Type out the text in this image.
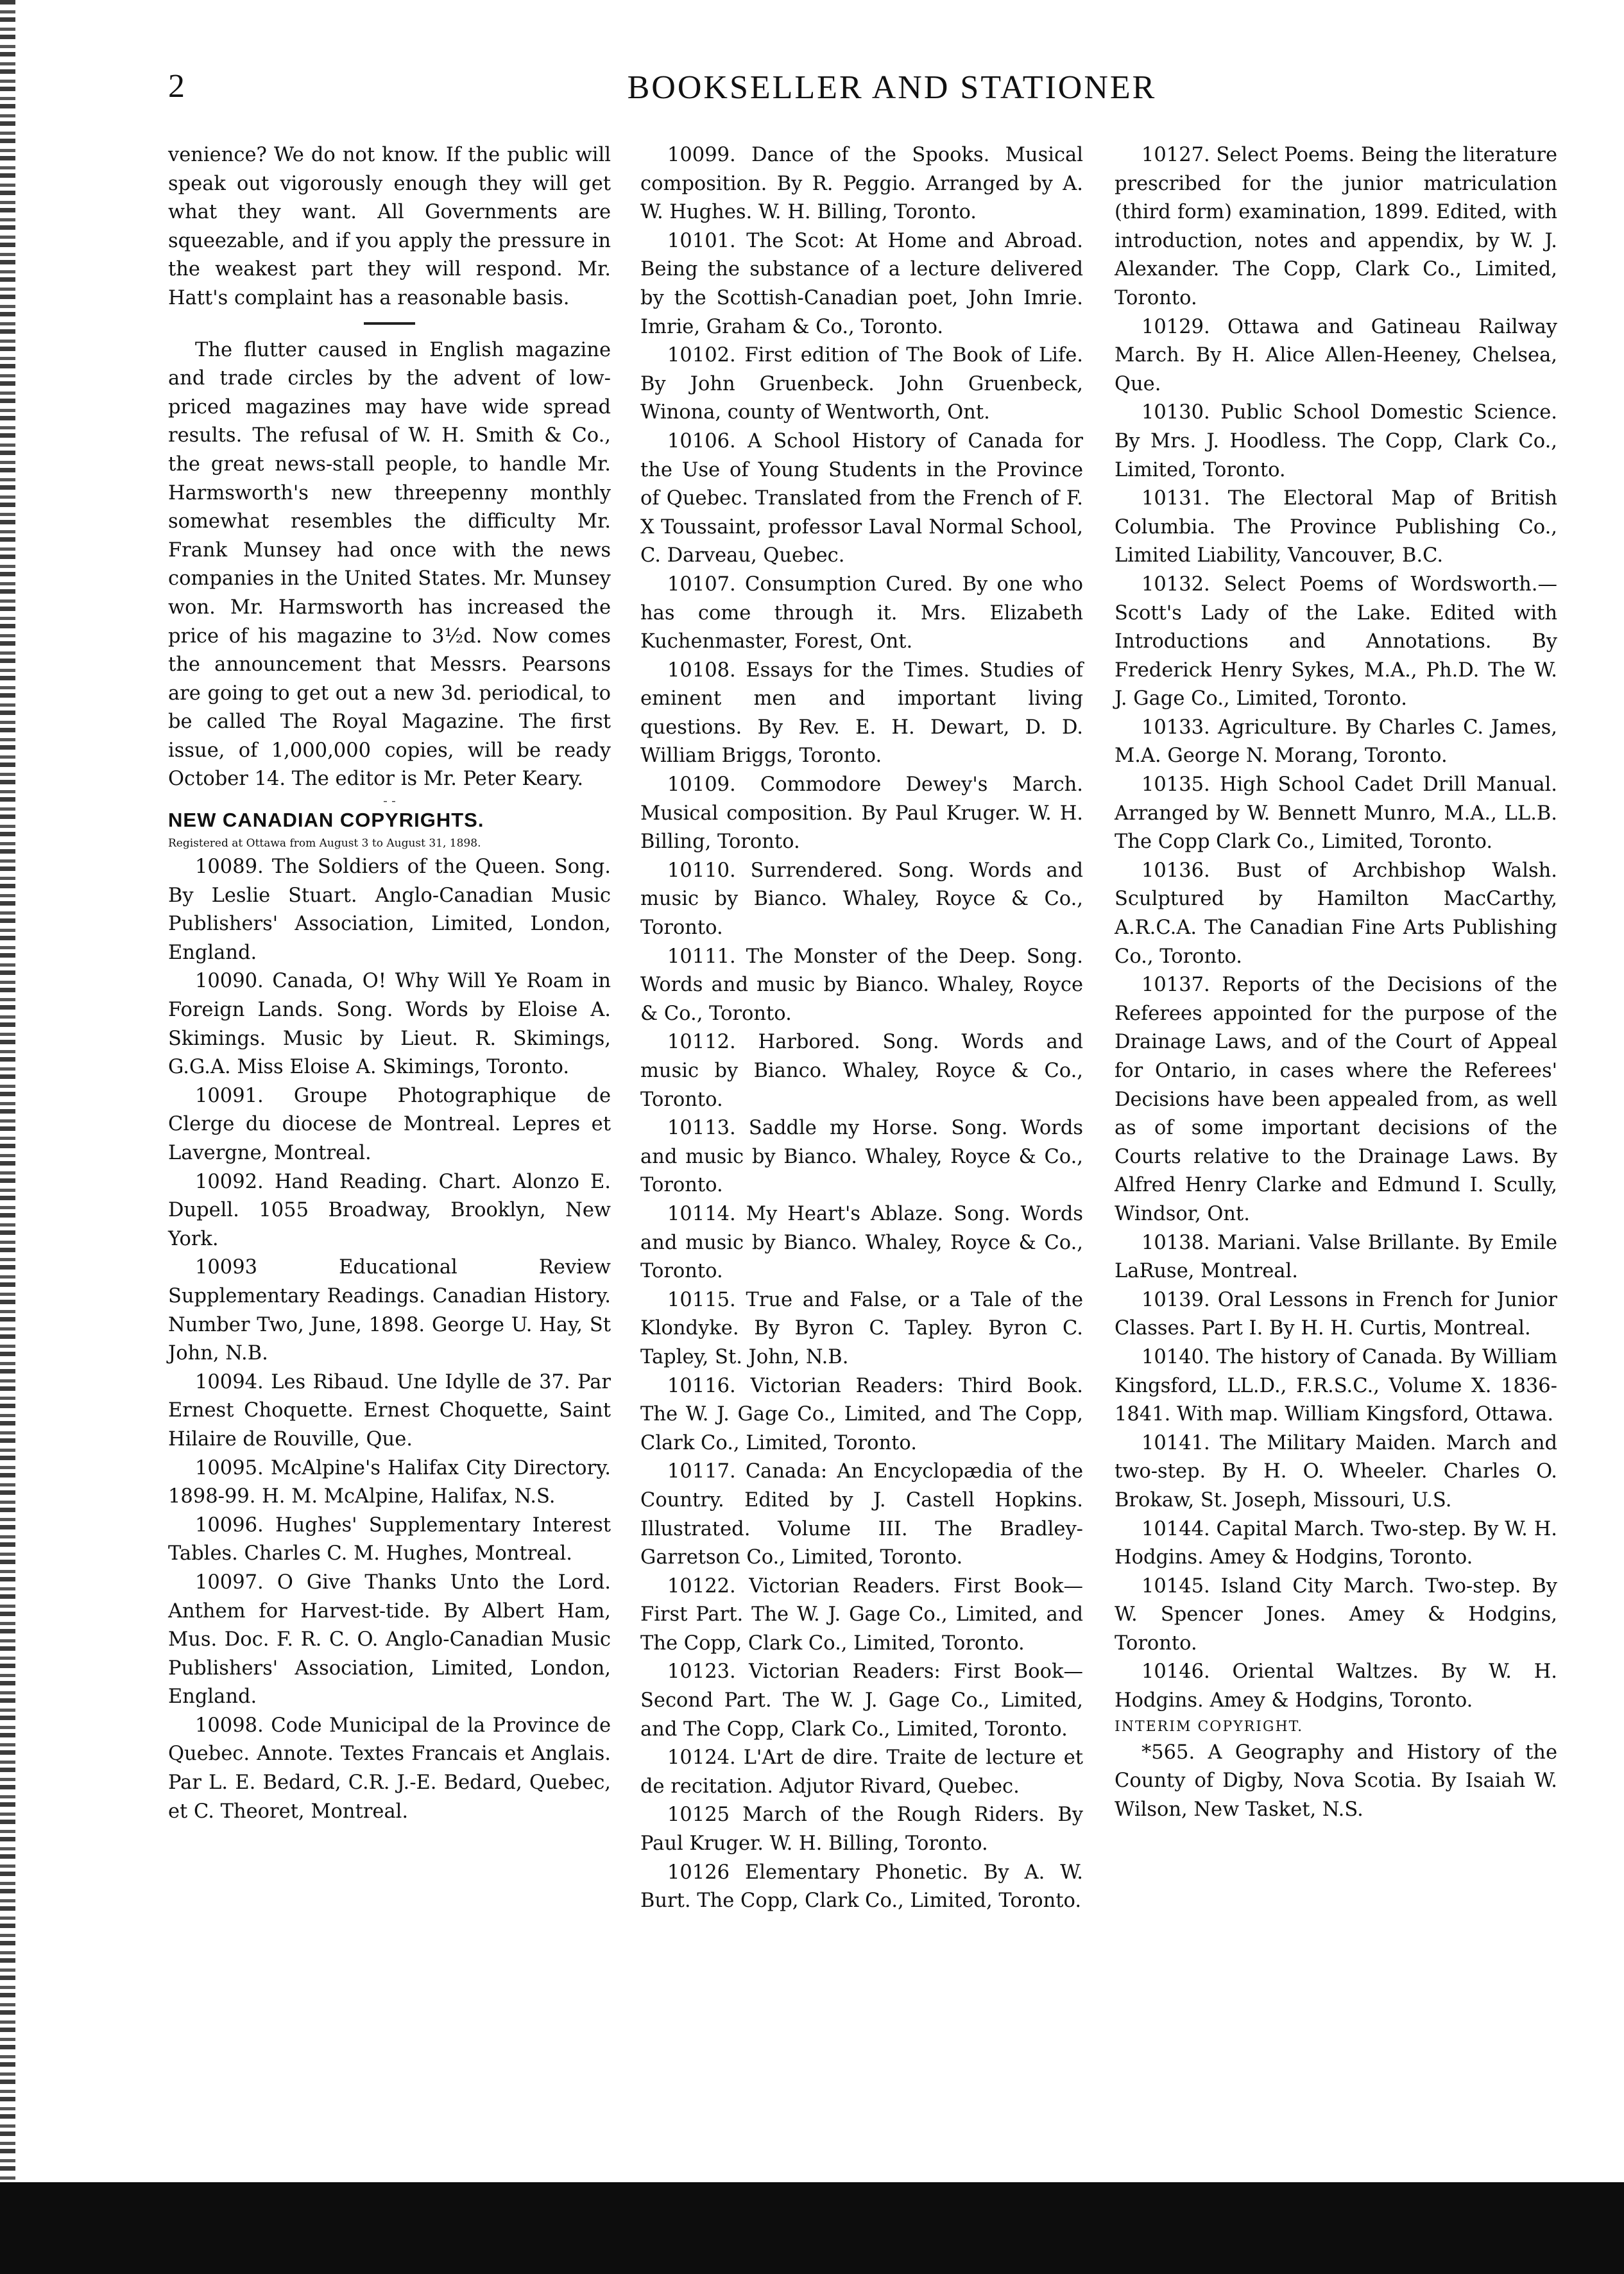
2	BOOKSELLER AND STATIONER

venience? We do not know. If the public will speak out vigorously enough they will get what they want. All Governments are squeezable, and if you apply the pressure in the weakest part they will respond. Mr. Hatt's complaint has a reasonable basis.

The flutter caused in English magazine and trade circles by the advent of low-priced magazines may have wide spread results. The refusal of W. H. Smith & Co., the great news-stall people, to handle Mr. Harmsworth's new threepenny monthly somewhat resembles the difficulty Mr. Frank Munsey had once with the news companies in the United States. Mr. Munsey won. Mr. Harmsworth has increased the price of his magazine to 3½d. Now comes the announcement that Messrs. Pearsons are going to get out a new 3d. periodical, to be called The Royal Magazine. The first issue, of 1,000,000 copies, will be ready October 14. The editor is Mr. Peter Keary.

- -

NEW CANADIAN COPYRIGHTS.

Registered at Ottawa from August 3 to August 31, 1898.

10089. The Soldiers of the Queen. Song. By Leslie Stuart. Anglo-Canadian Music Publishers' Association, Limited, London, England.

10090. Canada, O! Why Will Ye Roam in Foreign Lands. Song. Words by Eloise A. Skimings. Music by Lieut. R. Skimings, G.G.A. Miss Eloise A. Skimings, Toronto.

10091. Groupe Photographique de Clerge du diocese de Montreal. Lepres et Lavergne, Montreal.

10092. Hand Reading. Chart. Alonzo E. Dupell. 1055 Broadway, Brooklyn, New York.

10093 Educational Review Supplementary Readings. Canadian History. Number Two, June, 1898. George U. Hay, St John, N.B.

10094. Les Ribaud. Une Idylle de 37. Par Ernest Choquette. Ernest Choquette, Saint Hilaire de Rouville, Que.

10095. McAlpine's Halifax City Directory. 1898-99. H. M. McAlpine, Halifax, N.S.

10096. Hughes' Supplementary Interest Tables. Charles C. M. Hughes, Montreal.

10097. O Give Thanks Unto the Lord. Anthem for Harvest-tide. By Albert Ham, Mus. Doc. F. R. C. O. Anglo-Canadian Music Publishers' Association, Limited, London, England.

10098. Code Municipal de la Province de Quebec. Annote. Textes Francais et Anglais. Par L. E. Bedard, C.R. J.-E. Bedard, Quebec, et C. Theoret, Montreal.

10099. Dance of the Spooks. Musical composition. By R. Peggio. Arranged by A. W. Hughes. W. H. Billing, Toronto.

10101. The Scot: At Home and Abroad. Being the substance of a lecture delivered by the Scottish-Canadian poet, John Imrie. Imrie, Graham & Co., Toronto.

10102. First edition of The Book of Life. By John Gruenbeck. John Gruenbeck, Winona, county of Wentworth, Ont.

10106. A School History of Canada for the Use of Young Students in the Province of Quebec. Translated from the French of F. X Toussaint, professor Laval Normal School, C. Darveau, Quebec.

10107. Consumption Cured. By one who has come through it. Mrs. Elizabeth Kuchenmaster, Forest, Ont.

10108. Essays for the Times. Studies of eminent men and important living questions. By Rev. E. H. Dewart, D. D. William Briggs, Toronto.

10109. Commodore Dewey's March. Musical composition. By Paul Kruger. W. H. Billing, Toronto.

10110. Surrendered. Song. Words and music by Bianco. Whaley, Royce & Co., Toronto.

10111. The Monster of the Deep. Song. Words and music by Bianco. Whaley, Royce & Co., Toronto.

10112. Harbored. Song. Words and music by Bianco. Whaley, Royce & Co., Toronto.

10113. Saddle my Horse. Song. Words and music by Bianco. Whaley, Royce & Co., Toronto.

10114. My Heart's Ablaze. Song. Words and music by Bianco. Whaley, Royce & Co., Toronto.

10115. True and False, or a Tale of the Klondyke. By Byron C. Tapley. Byron C. Tapley, St. John, N.B.

10116. Victorian Readers: Third Book. The W. J. Gage Co., Limited, and The Copp, Clark Co., Limited, Toronto.

10117. Canada: An Encyclopædia of the Country. Edited by J. Castell Hopkins. Illustrated. Volume III. The Bradley-Garretson Co., Limited, Toronto.

10122. Victorian Readers. First Book—First Part. The W. J. Gage Co., Limited, and The Copp, Clark Co., Limited, Toronto.

10123. Victorian Readers: First Book—Second Part. The W. J. Gage Co., Limited, and The Copp, Clark Co., Limited, Toronto.

10124. L'Art de dire. Traite de lecture et de recitation. Adjutor Rivard, Quebec.

10125 March of the Rough Riders. By Paul Kruger. W. H. Billing, Toronto.

10126 Elementary Phonetic. By A. W. Burt. The Copp, Clark Co., Limited, Toronto.

10127. Select Poems. Being the literature prescribed for the junior matriculation (third form) examination, 1899. Edited, with introduction, notes and appendix, by W. J. Alexander. The Copp, Clark Co., Limited, Toronto.

10129. Ottawa and Gatineau Railway March. By H. Alice Allen-Heeney, Chelsea, Que.

10130. Public School Domestic Science. By Mrs. J. Hoodless. The Copp, Clark Co., Limited, Toronto.

10131. The Electoral Map of British Columbia. The Province Publishing Co., Limited Liability, Vancouver, B.C.

10132. Select Poems of Wordsworth.—Scott's Lady of the Lake. Edited with Introductions and Annotations. By Frederick Henry Sykes, M.A., Ph.D. The W. J. Gage Co., Limited, Toronto.

10133. Agriculture. By Charles C. James, M.A. George N. Morang, Toronto.

10135. High School Cadet Drill Manual. Arranged by W. Bennett Munro, M.A., LL.B. The Copp Clark Co., Limited, Toronto.

10136. Bust of Archbishop Walsh. Sculptured by Hamilton MacCarthy, A.R.C.A. The Canadian Fine Arts Publishing Co., Toronto.

10137. Reports of the Decisions of the Referees appointed for the purpose of the Drainage Laws, and of the Court of Appeal for Ontario, in cases where the Referees' Decisions have been appealed from, as well as of some important decisions of the Courts relative to the Drainage Laws. By Alfred Henry Clarke and Edmund I. Scully, Windsor, Ont.

10138. Mariani. Valse Brillante. By Emile LaRuse, Montreal.

10139. Oral Lessons in French for Junior Classes. Part I. By H. H. Curtis, Montreal.

10140. The history of Canada. By William Kingsford, LL.D., F.R.S.C., Volume X. 1836-1841. With map. William Kingsford, Ottawa.

10141. The Military Maiden. March and two-step. By H. O. Wheeler. Charles O. Brokaw, St. Joseph, Missouri, U.S.

10144. Capital March. Two-step. By W. H. Hodgins. Amey & Hodgins, Toronto.

10145. Island City March. Two-step. By W. Spencer Jones. Amey & Hodgins, Toronto.

10146. Oriental Waltzes. By W. H. Hodgins. Amey & Hodgins, Toronto.

INTERIM COPYRIGHT.

*565. A Geography and History of the County of Digby, Nova Scotia. By Isaiah W. Wilson, New Tasket, N.S.
